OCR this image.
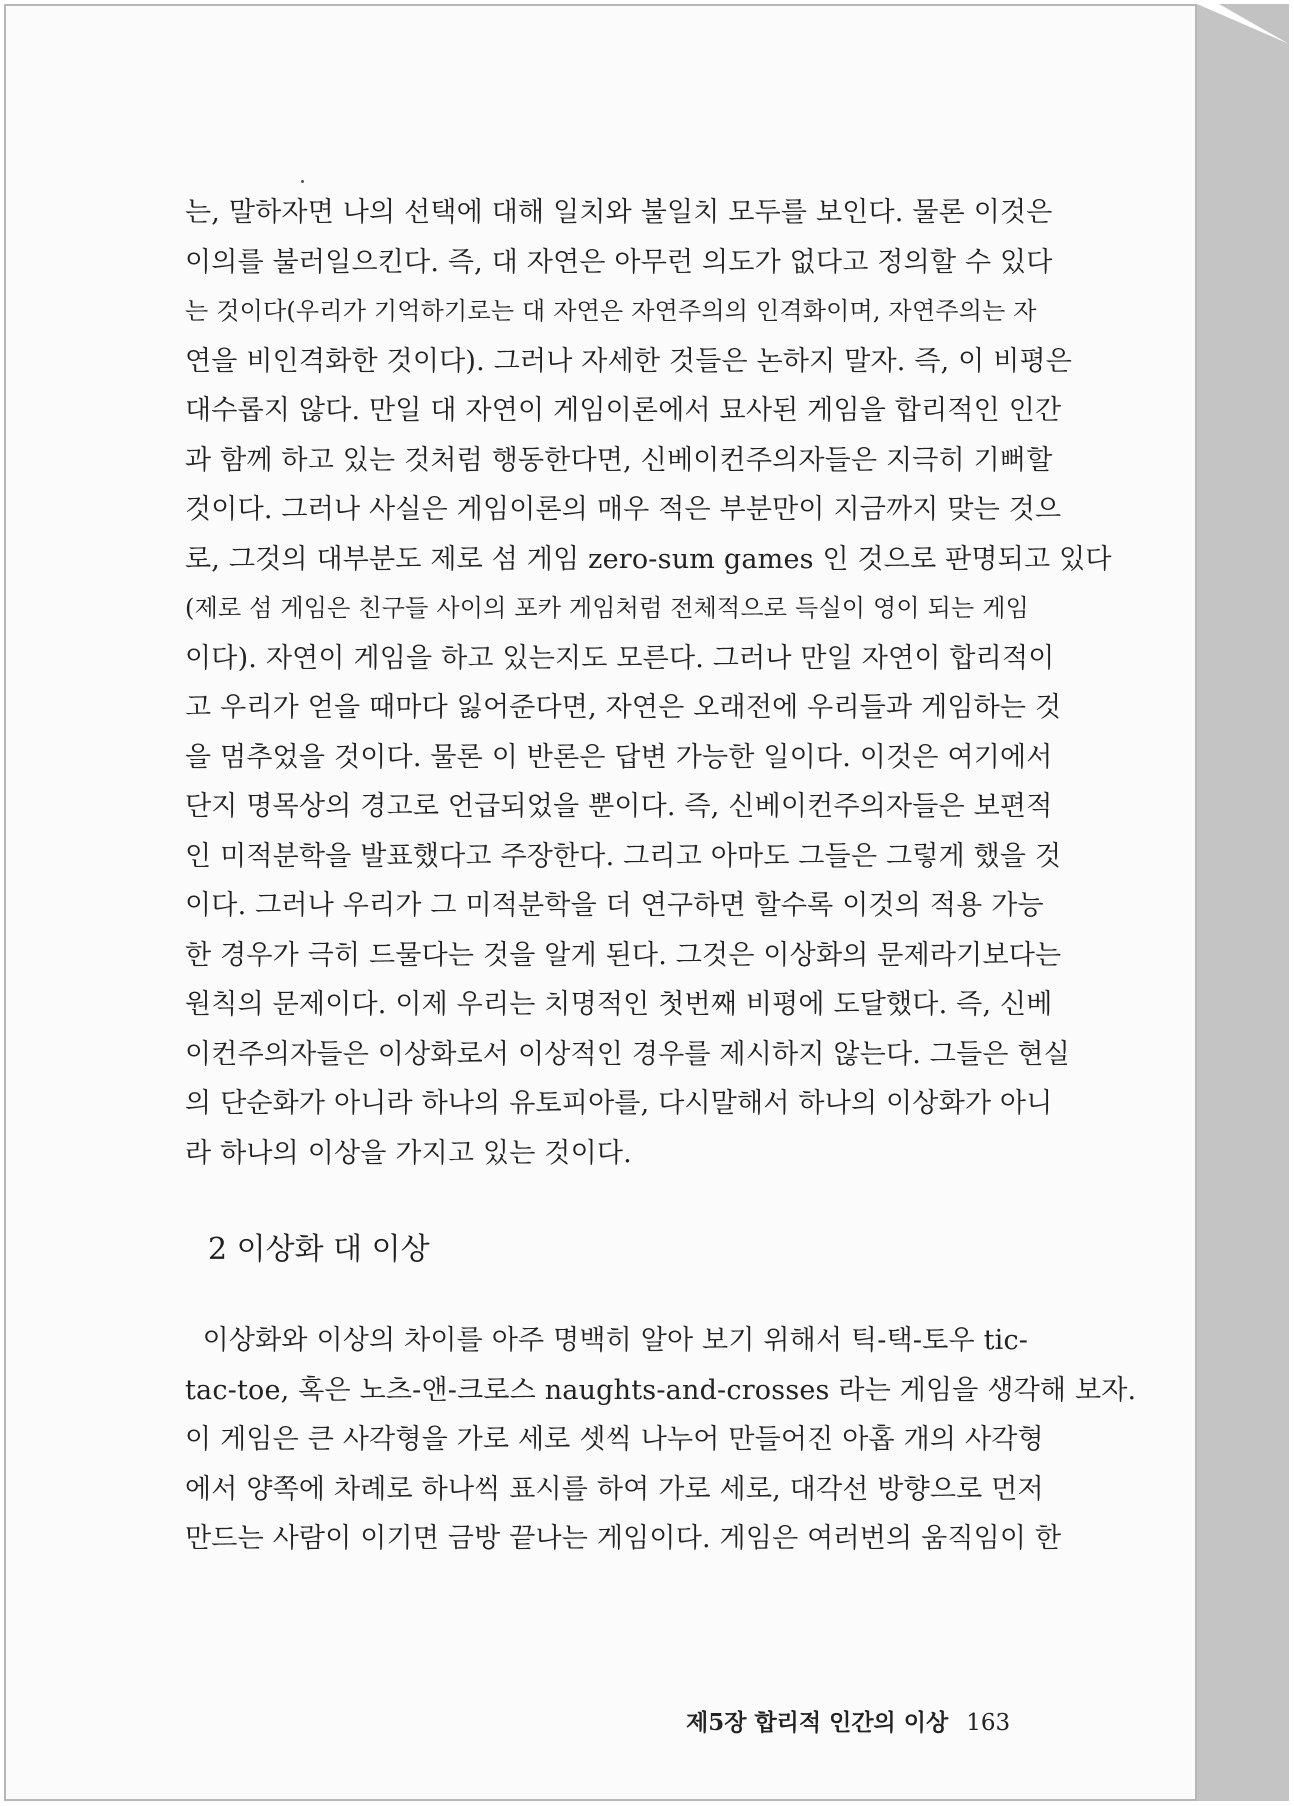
는, 말하자면 나의 선택에 대해 일치와 불일치 모두를 보인다. 물론 이것은
이의를 불러일으킨다. 즉, 대 자연은 아무런 의도가 없다고 정의할 수 있다
는 것이다(우리가 기억하기로는 대 자연은 자연주의의 인격화이며, 자연주의는 자
연을 비인격화한 것이다). 그러나 자세한 것들은 논하지 말자. 즉, 이 비평은
대수롭지 않다. 만일 대 자연이 게임이론에서 묘사된 게임을 합리적인 인간
과 함께 하고 있는 것처럼 행동한다면, 신베이컨주의자들은 지극히 기뻐할
것이다. 그러나 사실은 게임이론의 매우 적은 부분만이 지금까지 맞는 것으
로, 그것의 대부분도 제로 섬 게임 zero-sum games 인 것으로 판명되고 있다
(제로 섬 게임은 친구들 사이의 포카 게임처럼 전체적으로 득실이 영이 되는 게임
이다). 자연이 게임을 하고 있는지도 모른다. 그러나 만일 자연이 합리적이
고 우리가 얻을 때마다 잃어준다면, 자연은 오래전에 우리들과 게임하는 것
을 멈추었을 것이다. 물론 이 반론은 답변 가능한 일이다. 이것은 여기에서
단지 명목상의 경고로 언급되었을 뿐이다. 즉, 신베이컨주의자들은 보편적
인 미적분학을 발표했다고 주장한다. 그리고 아마도 그들은 그렇게 했을 것
이다. 그러나 우리가 그 미적분학을 더 연구하면 할수록 이것의 적용 가능
한 경우가 극히 드물다는 것을 알게 된다. 그것은 이상화의 문제라기보다는
원칙의 문제이다. 이제 우리는 치명적인 첫번째 비평에 도달했다. 즉, 신베
이컨주의자들은 이상화로서 이상적인 경우를 제시하지 않는다. 그들은 현실
의 단순화가 아니라 하나의 유토피아를, 다시말해서 하나의 이상화가 아니
라 하나의 이상을 가지고 있는 것이다.
2 이상화 대 이상
이상화와 이상의 차이를 아주 명백히 알아 보기 위해서 틱-택-토우 tic-
tac-toe, 혹은 노츠-앤-크로스 naughts-and-crosses 라는 게임을 생각해 보자.
이 게임은 큰 사각형을 가로 세로 셋씩 나누어 만들어진 아홉 개의 사각형
에서 양쪽에 차례로 하나씩 표시를 하여 가로 세로, 대각선 방향으로 먼저
만드는 사람이 이기면 금방 끝나는 게임이다. 게임은 여러번의 움직임이 한
제5장 합리적 인간의 이상 163
